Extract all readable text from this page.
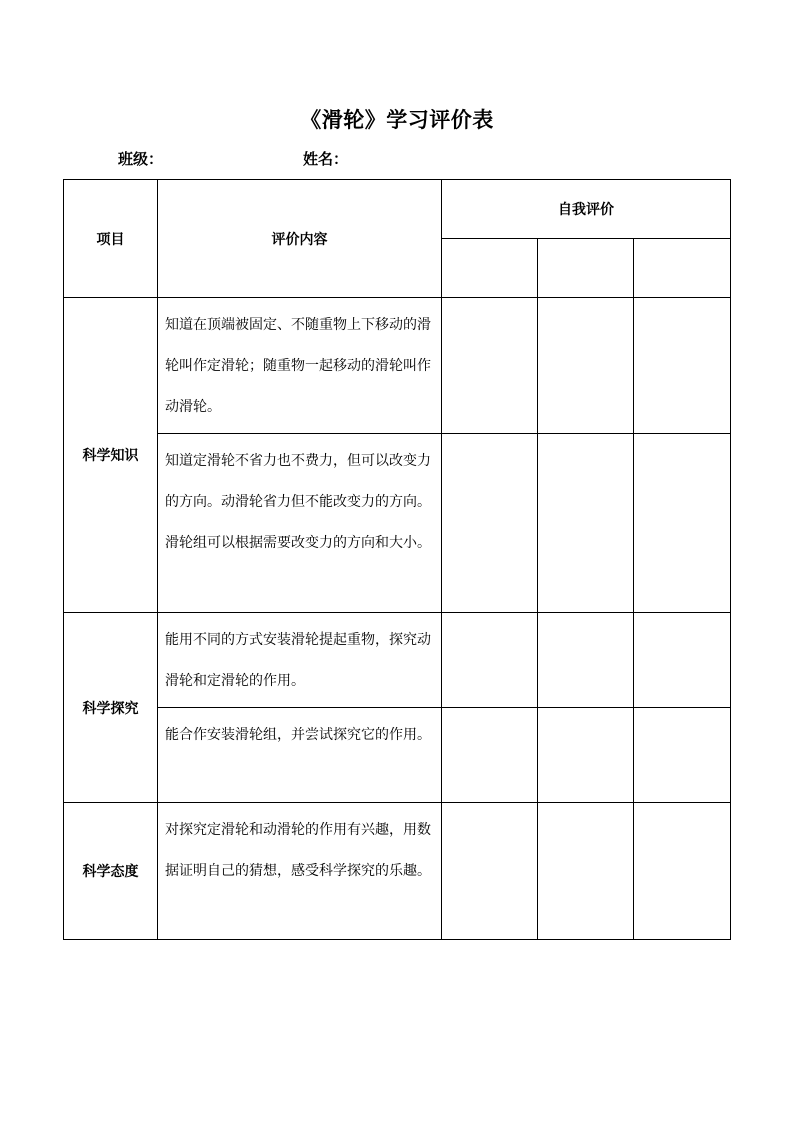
《滑轮》学习评价表
班级：	姓名：
项目	评价内容	自我评价		

科学知识	知道在顶端被固定、不随重物上下移动的滑轮叫作定滑轮；随重物一起移动的滑轮叫作动滑轮。			

	知道定滑轮不省力也不费力，但可以改变力的方向。动滑轮省力但不能改变力的方向。滑轮组可以根据需要改变力的方向和大小。			

科学探究	能用不同的方式安装滑轮提起重物，探究动滑轮和定滑轮的作用。			

	能合作安装滑轮组，并尝试探究它的作用。			

科学态度	对探究定滑轮和动滑轮的作用有兴趣，用数据证明自己的猜想，感受科学探究的乐趣。			
